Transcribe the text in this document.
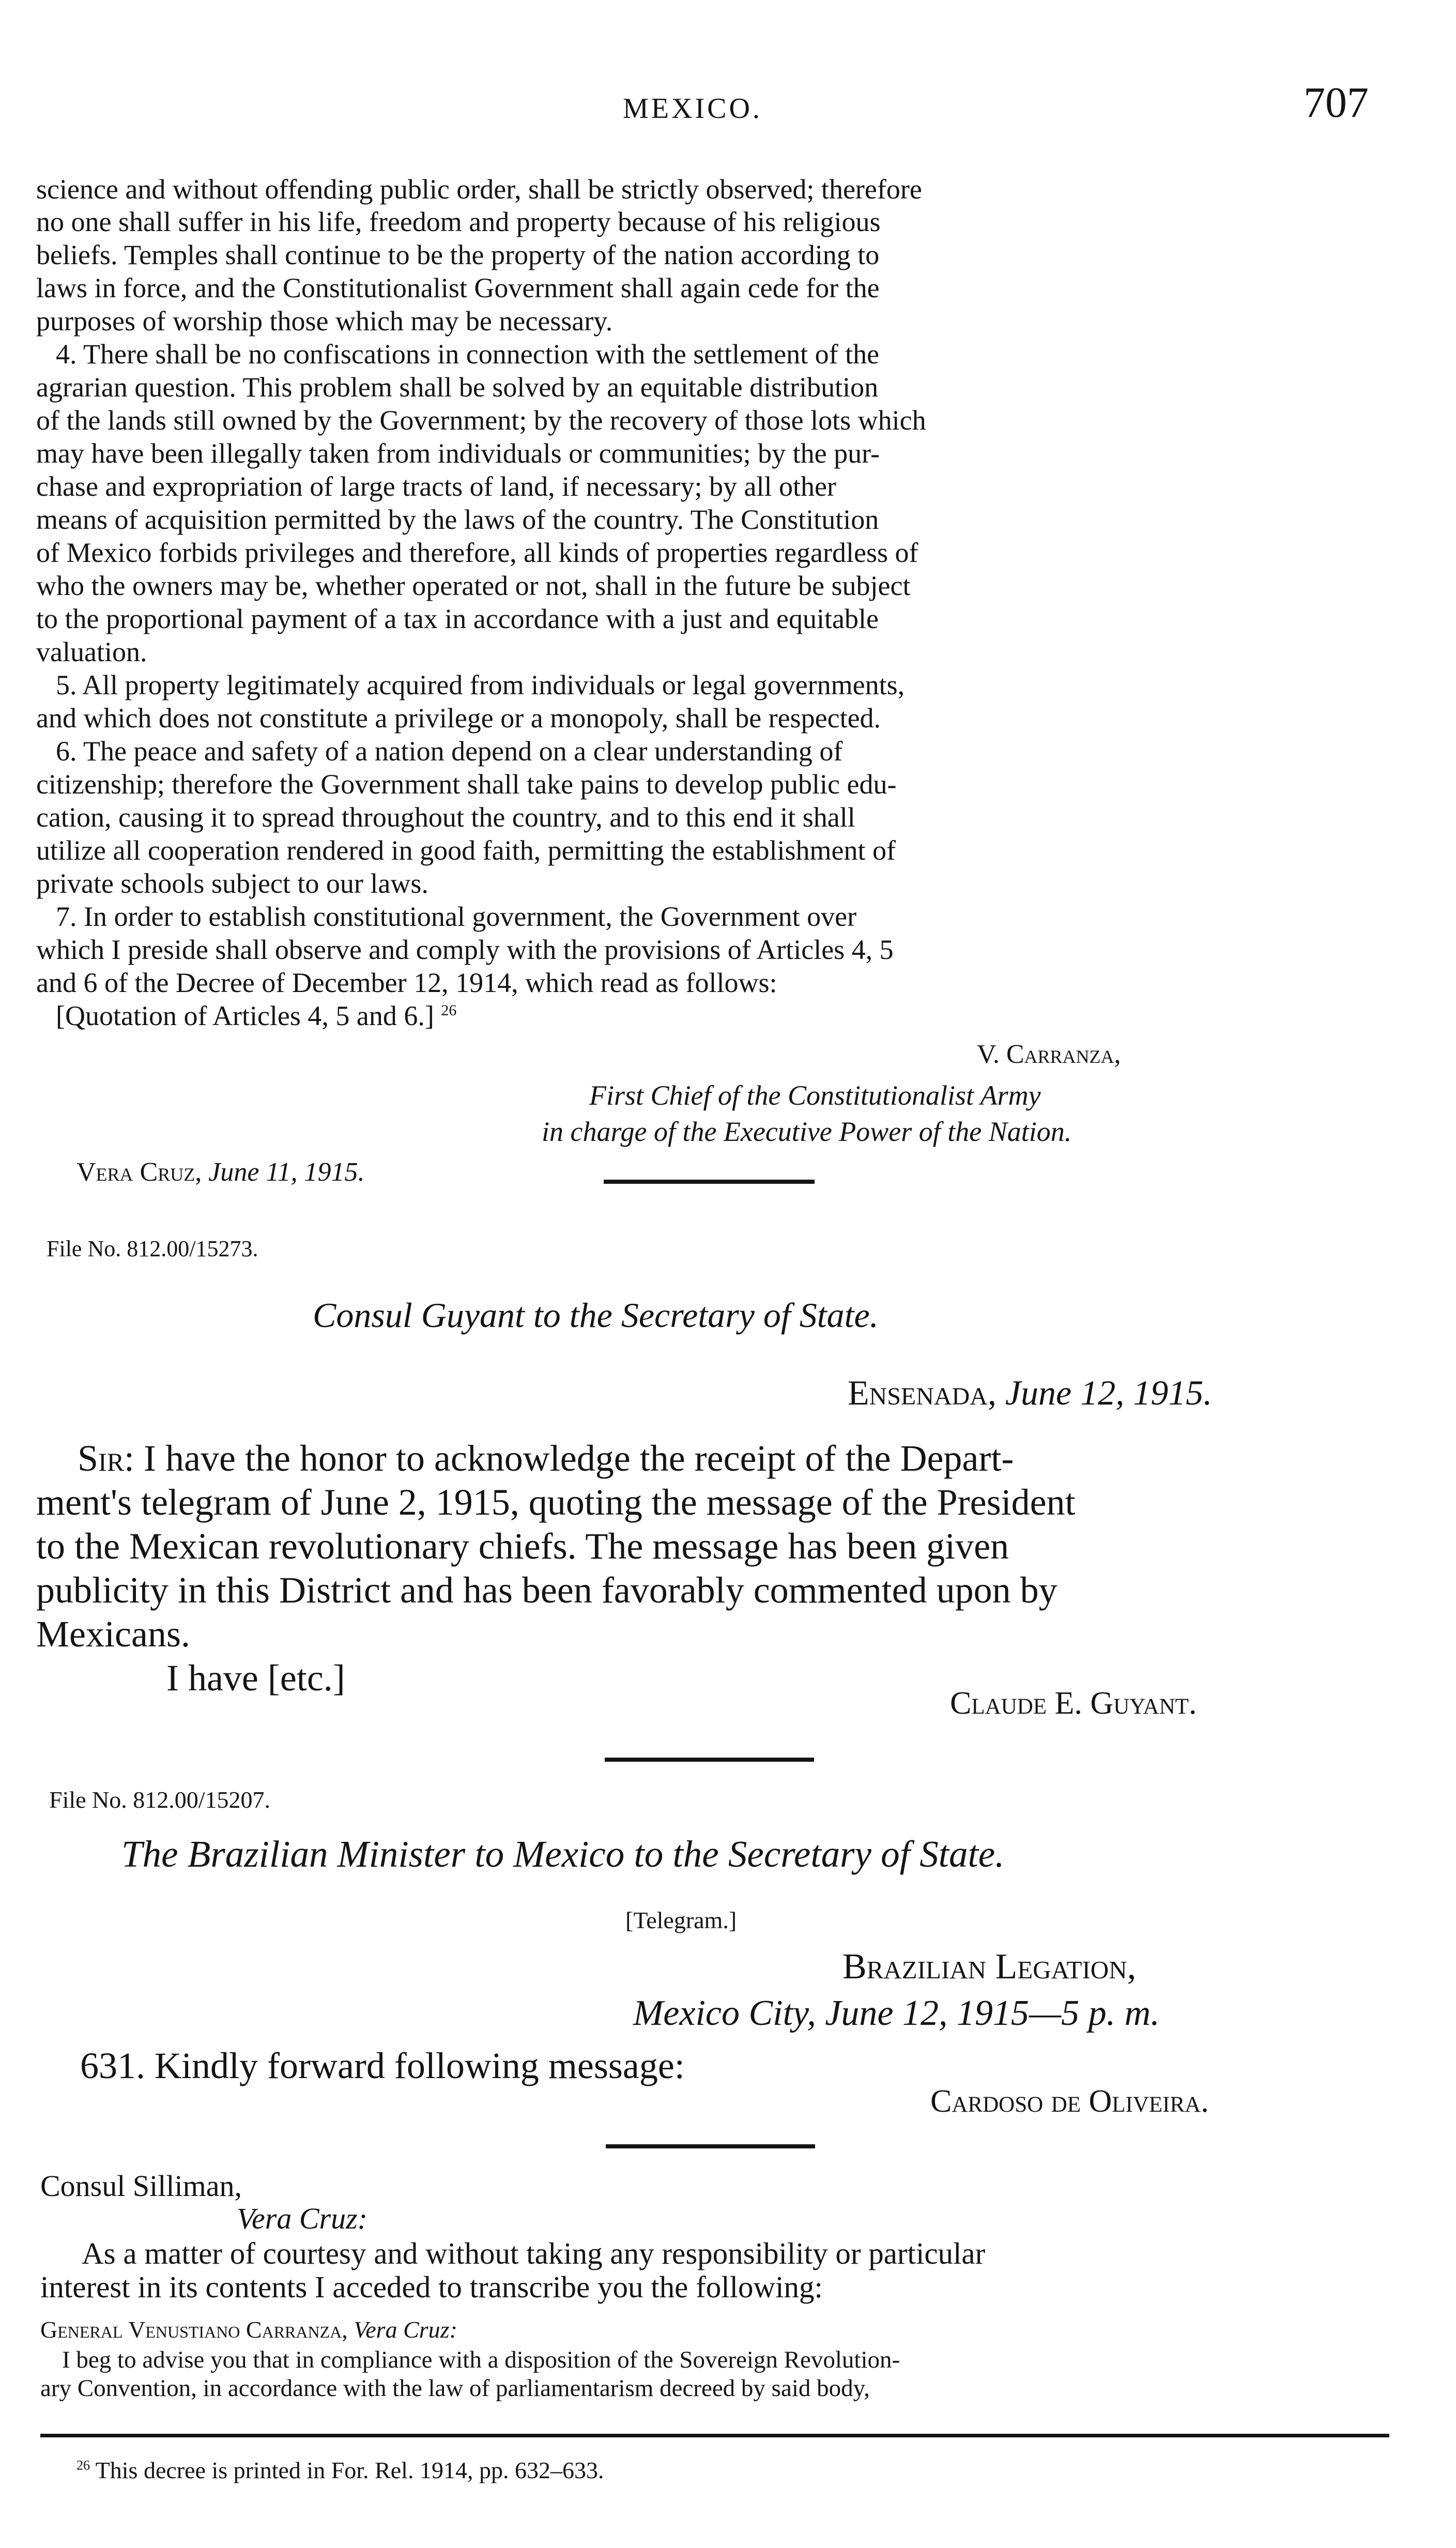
MEXICO.	707
science and without offending public order, shall be strictly observed; therefore
no one shall suffer in his life, freedom and property because of his religious
beliefs. Temples shall continue to be the property of the nation according to
laws in force, and the Constitutionalist Government shall again cede for the
purposes of worship those which may be necessary.
4. There shall be no confiscations in connection with the settlement of the
agrarian question. This problem shall be solved by an equitable distribution
of the lands still owned by the Government; by the recovery of those lots which
may have been illegally taken from individuals or communities; by the pur-
chase and expropriation of large tracts of land, if necessary; by all other
means of acquisition permitted by the laws of the country. The Constitution
of Mexico forbids privileges and therefore, all kinds of properties regardless of
who the owners may be, whether operated or not, shall in the future be subject
to the proportional payment of a tax in accordance with a just and equitable
valuation.
5. All property legitimately acquired from individuals or legal governments,
and which does not constitute a privilege or a monopoly, shall be respected.
6. The peace and safety of a nation depend on a clear understanding of
citizenship; therefore the Government shall take pains to develop public edu-
cation, causing it to spread throughout the country, and to this end it shall
utilize all cooperation rendered in good faith, permitting the establishment of
private schools subject to our laws.
7. In order to establish constitutional government, the Government over
which I preside shall observe and comply with the provisions of Articles 4, 5
and 6 of the Decree of December 12, 1914, which read as follows:
[Quotation of Articles 4, 5 and 6.] $^{26}$
V. Carranza,
First Chief of the Constitutionalist Army
in charge of the Executive Power of the Nation.
Vera Cruz, June 11, 1915.
File No. 812.00/15273.
Consul Guyant to the Secretary of State.
Ensenada, June 12, 1915.
Sir: I have the honor to acknowledge the receipt of the Depart-
ment's telegram of June 2, 1915, quoting the message of the President
to the Mexican revolutionary chiefs. The message has been given
publicity in this District and has been favorably commented upon by
Mexicans.
I have [etc.]
Claude E. Guyant.
File No. 812.00/15207.
The Brazilian Minister to Mexico to the Secretary of State.
[Telegram.]
Brazilian Legation,
Mexico City, June 12, 1915—5 p. m.
631. Kindly forward following message:
Cardoso de Oliveira.
Consul Silliman,
Vera Cruz:
As a matter of courtesy and without taking any responsibility or particular
interest in its contents I acceded to transcribe you the following:
General Venustiano Carranza, Vera Cruz:
I beg to advise you that in compliance with a disposition of the Sovereign Revolution-
ary Convention, in accordance with the law of parliamentarism decreed by said body,
$^{26}$ This decree is printed in For. Rel. 1914, pp. 632–633.
